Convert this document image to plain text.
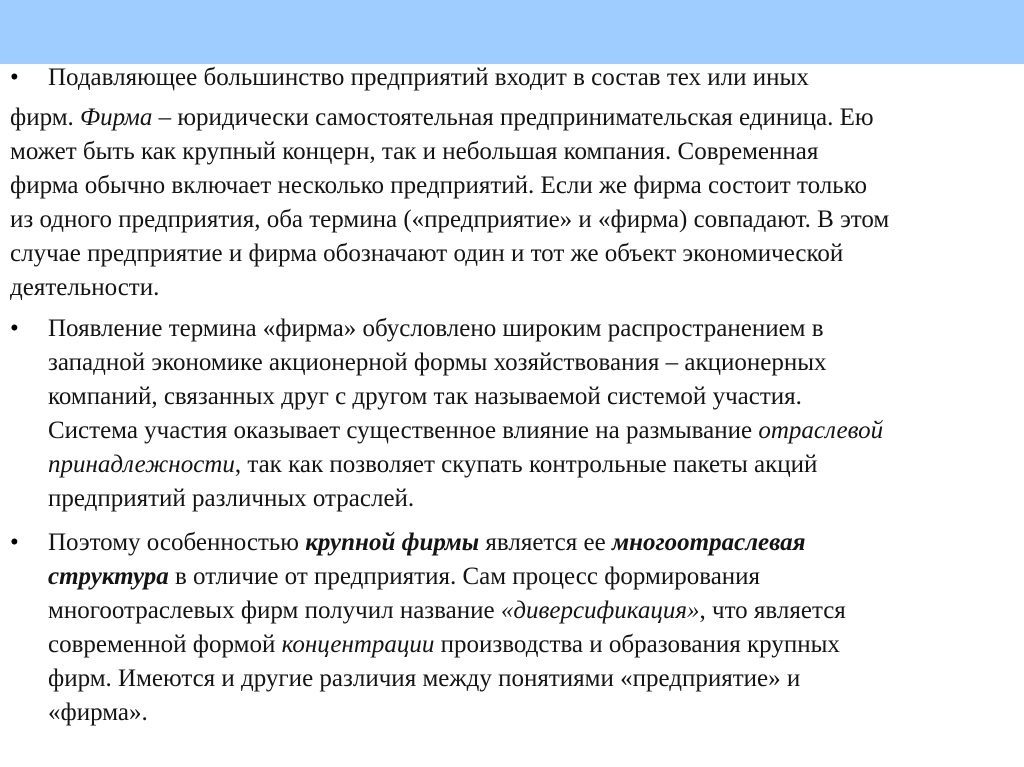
•	Подавляющее большинство предприятий входит в состав тех или иных
фирм. Фирма – юридически самостоятельная предпринимательская единица. Ею
может быть как крупный концерн, так и небольшая компания. Современная
фирма обычно включает несколько предприятий. Если же фирма состоит только
из одного предприятия, оба термина («предприятие» и «фирма) совпадают. В этом
случае предприятие и фирма обозначают один и тот же объект экономической
деятельности.
• Появление термина «фирма» обусловлено широким распространением в
западной экономике акционерной формы хозяйствования – акционерных
компаний, связанных друг с другом так называемой системой участия.
Система участия оказывает существенное влияние на размывание отраслевой
принадлежности, так как позволяет скупать контрольные пакеты акций
предприятий различных отраслей.
• Поэтому особенностью крупной фирмы является ее многоотраслевая
структура в отличие от предприятия. Сам процесс формирования
многоотраслевых фирм получил название «диверсификация», что является
современной формой концентрации производства и образования крупных
фирм. Имеются и другие различия между понятиями «предприятие» и
«фирма».
